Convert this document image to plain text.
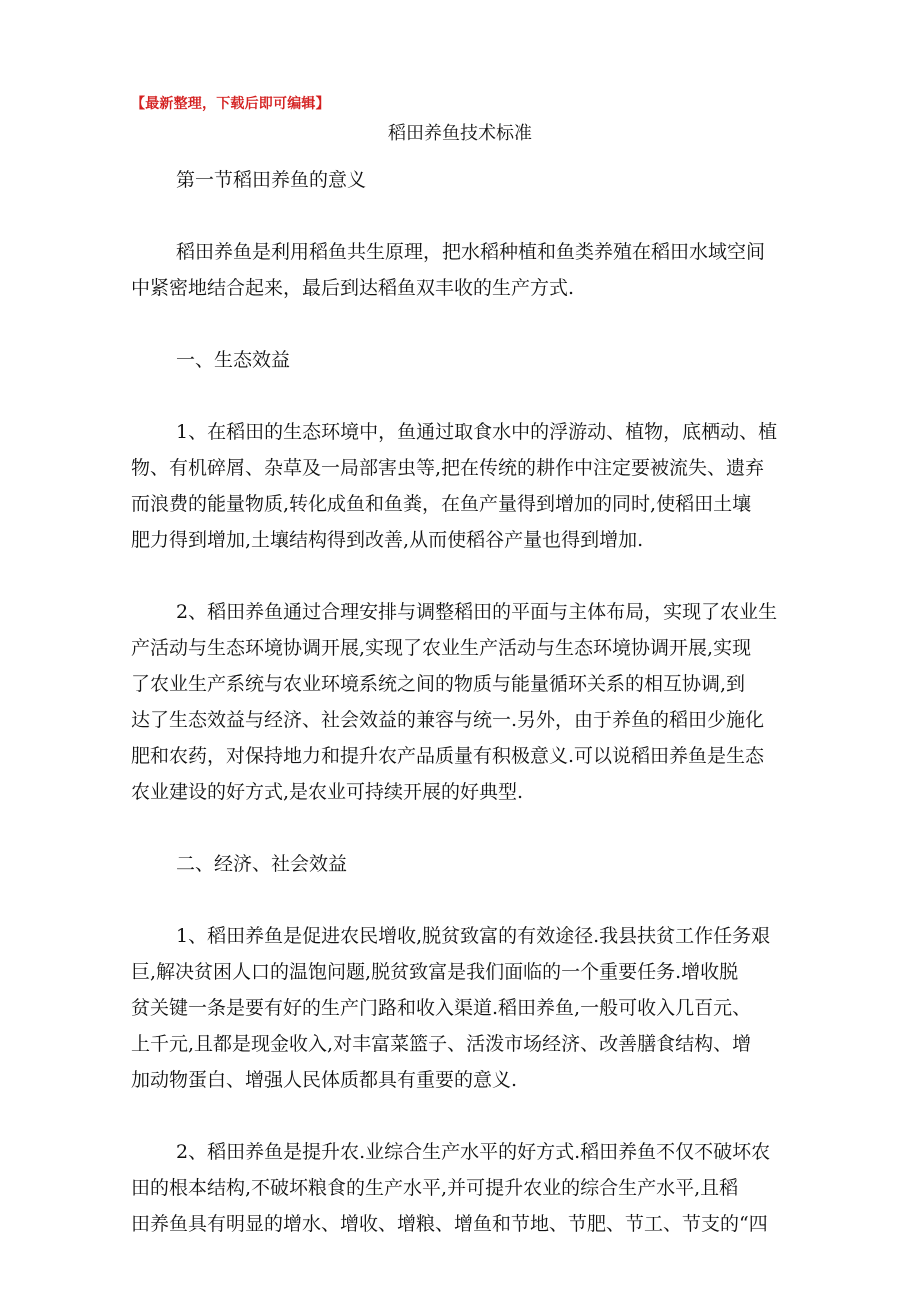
【最新整理，下载后即可编辑】
稻田养鱼技术标准
第一节稻田养鱼的意义
稻田养鱼是利用稻鱼共生原理，把水稻种植和鱼类养殖在稻田水域空间
中紧密地结合起来，最后到达稻鱼双丰收的生产方式.
一、生态效益
1、在稻田的生态环境中，鱼通过取食水中的浮游动、植物，底栖动、植
物、有机碎屑、杂草及一局部害虫等,把在传统的耕作中注定要被流失、遗弃
而浪费的能量物质,转化成鱼和鱼粪，在鱼产量得到增加的同时,使稻田土壤
肥力得到增加,土壤结构得到改善,从而使稻谷产量也得到增加.
2、稻田养鱼通过合理安排与调整稻田的平面与主体布局，实现了农业生
产活动与生态环境协调开展,实现了农业生产活动与生态环境协调开展,实现
了农业生产系统与农业环境系统之间的物质与能量循环关系的相互协调,到
达了生态效益与经济、社会效益的兼容与统一.另外，由于养鱼的稻田少施化
肥和农药，对保持地力和提升农产品质量有积极意义.可以说稻田养鱼是生态
农业建设的好方式,是农业可持续开展的好典型.
二、经济、社会效益
1、稻田养鱼是促进农民增收,脱贫致富的有效途径.我县扶贫工作任务艰
巨,解决贫困人口的温饱问题,脱贫致富是我们面临的一个重要任务.增收脱
贫关键一条是要有好的生产门路和收入渠道.稻田养鱼,一般可收入几百元、
上千元,且都是现金收入,对丰富菜篮子、活泼市场经济、改善膳食结构、增
加动物蛋白、增强人民体质都具有重要的意义.
2、稻田养鱼是提升农.业综合生产水平的好方式.稻田养鱼不仅不破坏农
田的根本结构,不破坏粮食的生产水平,并可提升农业的综合生产水平,且稻
田养鱼具有明显的增水、增收、增粮、增鱼和节地、节肥、节工、节支的“四
